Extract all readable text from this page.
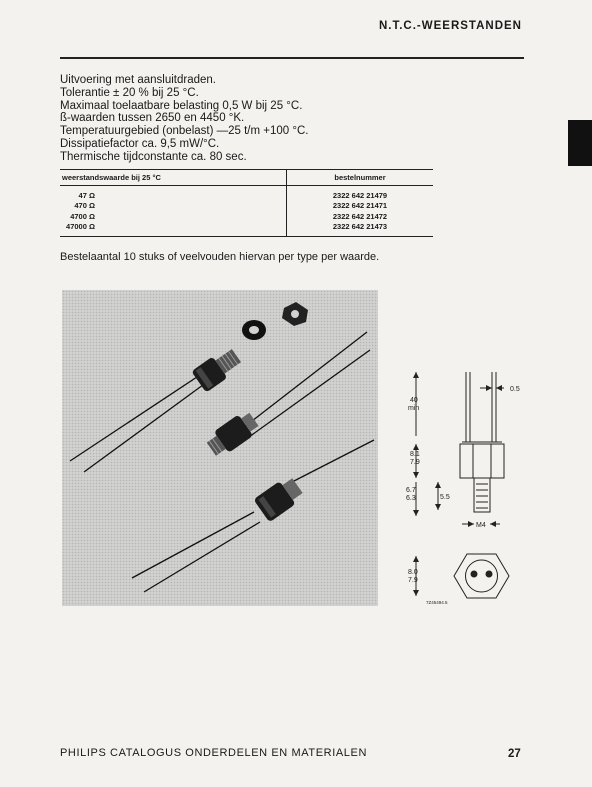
N.T.C.-WEERSTANDEN
Uitvoering met aansluitdraden.
Tolerantie ± 20 % bij 25 °C.
Maximaal toelaatbare belasting 0,5 W bij 25 °C.
ß-waarden tussen 2650 en 4450 °K.
Temperatuurgebied (onbelast) —25 t/m +100 °C.
Dissipatiefactor ca. 9,5 mW/°C.
Thermische tijdconstante ca. 80 sec.
weerstandswaarde bij 25 °C	bestelnummer
47 Ω	2322 642 21479
470 Ω	2322 642 21471
4700 Ω	2322 642 21472
47000 Ω	2322 642 21473
Bestelaantal 10 stuks of veelvouden hiervan per type per waarde.
40
min
0.5
8.1
7.9
6.7
6.3	5.5
M4
8.0
7.9
7Z45494.5
PHILIPS CATALOGUS ONDERDELEN EN MATERIALEN	27
